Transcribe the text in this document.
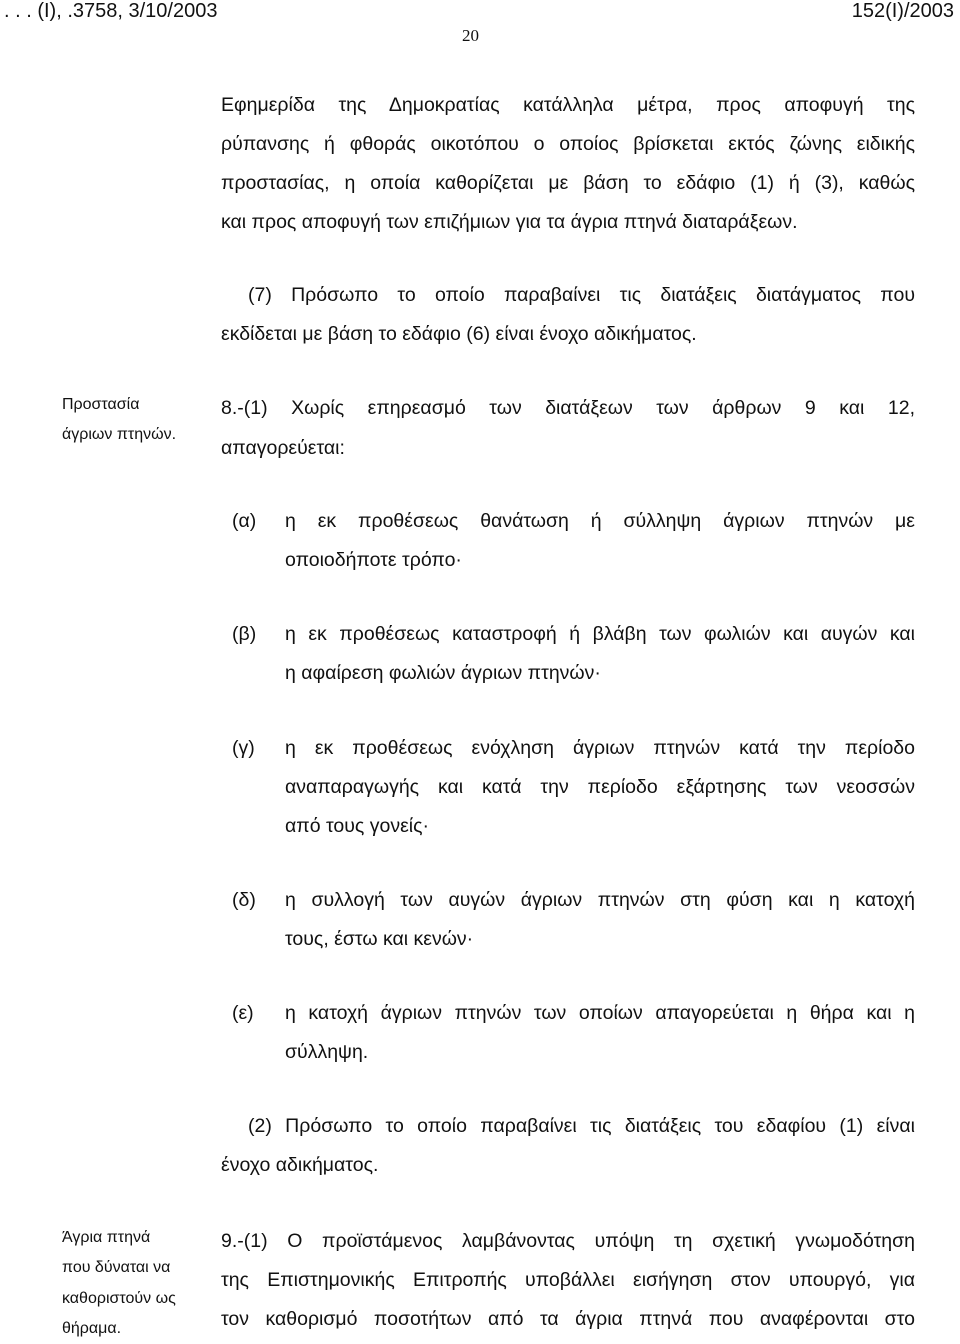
. . . (Ι), .3758, 3/10/2003	152(I)/2003
20
Εφημερίδα της Δημοκρατίας κατάλληλα μέτρα, προς αποφυγή της
ρύπανσης ή φθοράς οικοτόπου ο οποίος βρίσκεται εκτός ζώνης ειδικής
προστασίας, η οποία καθορίζεται με βάση το εδάφιο (1) ή (3), καθώς
και προς αποφυγή των επιζήμιων για τα άγρια πτηνά διαταράξεων.
(7) Πρόσωπο το οποίο παραβαίνει τις διατάξεις διατάγματος που
εκδίδεται με βάση το εδάφιο (6) είναι ένοχο αδικήματος.
Προστασία
άγριων πτηνών.
8.-(1) Χωρίς επηρεασμό των διατάξεων των άρθρων 9 και 12,
απαγορεύεται:
(α) η εκ προθέσεως θανάτωση ή σύλληψη άγριων πτηνών με
οποιοδήποτε τρόπο·
(β) η εκ προθέσεως καταστροφή ή βλάβη των φωλιών και αυγών και
η αφαίρεση φωλιών άγριων πτηνών·
(γ) η εκ προθέσεως ενόχληση άγριων πτηνών κατά την περίοδο
αναπαραγωγής και κατά την περίοδο εξάρτησης των νεοσσών
από τους γονείς·
(δ) η συλλογή των αυγών άγριων πτηνών στη φύση και η κατοχή
τους, έστω και κενών·
(ε) η κατοχή άγριων πτηνών των οποίων απαγορεύεται η θήρα και η
σύλληψη.
(2) Πρόσωπο το οποίο παραβαίνει τις διατάξεις του εδαφίου (1) είναι
ένοχο αδικήματος.
Άγρια πτηνά
που δύναται να
καθοριστούν ως
θήραμα.
9.-(1) Ο προϊστάμενος λαμβάνοντας υπόψη τη σχετική γνωμοδότηση
της Επιστημονικής Επιτροπής υποβάλλει εισήγηση στον υπουργό, για
τον καθορισμό ποσοτήτων από τα άγρια πτηνά που αναφέρονται στο
